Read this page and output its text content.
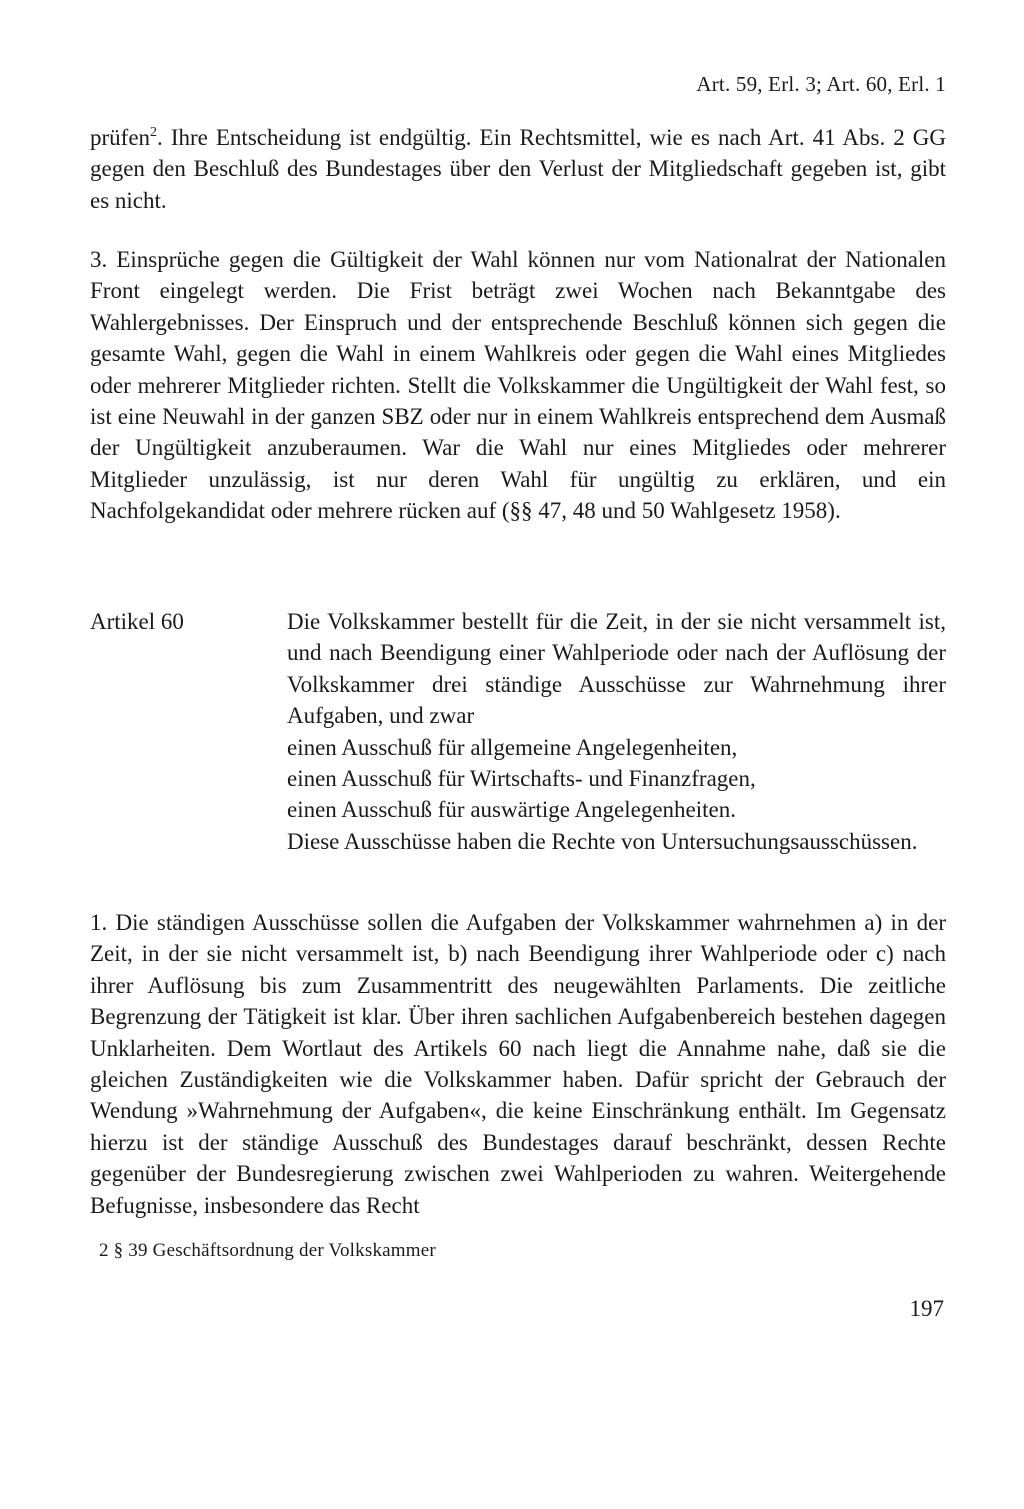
Art. 59, Erl. 3; Art. 60, Erl. 1

prüfen$^2$. Ihre Entscheidung ist endgültig. Ein Rechtsmittel, wie es nach Art. 41 Abs. 2 GG gegen den Beschluß des Bundestages über den Verlust der Mitgliedschaft gegeben ist, gibt es nicht.

3. Einsprüche gegen die Gültigkeit der Wahl können nur vom Nationalrat der Nationalen Front eingelegt werden. Die Frist beträgt zwei Wochen nach Bekanntgabe des Wahlergebnisses. Der Einspruch und der entsprechende Beschluß können sich gegen die gesamte Wahl, gegen die Wahl in einem Wahlkreis oder gegen die Wahl eines Mitgliedes oder mehrerer Mitglieder richten. Stellt die Volkskammer die Ungültigkeit der Wahl fest, so ist eine Neuwahl in der ganzen SBZ oder nur in einem Wahlkreis entsprechend dem Ausmaß der Ungültigkeit anzuberaumen. War die Wahl nur eines Mitgliedes oder mehrerer Mitglieder unzulässig, ist nur deren Wahl für ungültig zu erklären, und ein Nachfolgekandidat oder mehrere rücken auf (§§ 47, 48 und 50 Wahlgesetz 1958).

Artikel 60	Die Volkskammer bestellt für die Zeit, in der sie nicht versammelt ist, und nach Beendigung einer Wahlperiode oder nach der Auflösung der Volkskammer drei ständige Ausschüsse zur Wahrnehmung ihrer Aufgaben, und zwar

einen Ausschuß für allgemeine Angelegenheiten,
einen Ausschuß für Wirtschafts- und Finanzfragen,
einen Ausschuß für auswärtige Angelegenheiten.

Diese Ausschüsse haben die Rechte von Untersuchungsausschüssen.

1. Die ständigen Ausschüsse sollen die Aufgaben der Volkskammer wahrnehmen a) in der Zeit, in der sie nicht versammelt ist, b) nach Beendigung ihrer Wahlperiode oder c) nach ihrer Auflösung bis zum Zusammentritt des neugewählten Parlaments. Die zeitliche Begrenzung der Tätigkeit ist klar. Über ihren sachlichen Aufgabenbereich bestehen dagegen Unklarheiten. Dem Wortlaut des Artikels 60 nach liegt die Annahme nahe, daß sie die gleichen Zuständigkeiten wie die Volkskammer haben. Dafür spricht der Gebrauch der Wendung »Wahrnehmung der Aufgaben«, die keine Einschränkung enthält. Im Gegensatz hierzu ist der ständige Ausschuß des Bundestages darauf beschränkt, dessen Rechte gegenüber der Bundesregierung zwischen zwei Wahlperioden zu wahren. Weitergehende Befugnisse, insbesondere das Recht

2 § 39 Geschäftsordnung der Volkskammer
197
